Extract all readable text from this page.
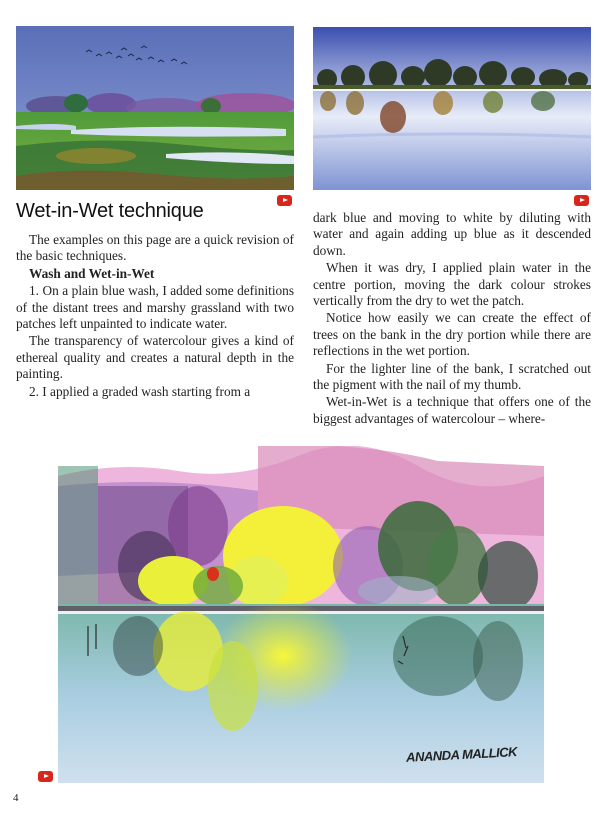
Wet-in-Wet technique

The examples on this page are a quick revision of the basic techniques.

Wash and Wet-in-Wet

1. On a plain blue wash, I added some definitions of the distant trees and marshy grassland with two patches left unpainted to indicate water.

The transparency of watercolour gives a kind of ethereal quality and creates a natural depth in the painting.

2. I applied a graded wash starting from a

dark blue and moving to white by diluting with water and again adding up blue as it descended down.

When it was dry, I applied plain water in the centre portion, moving the dark colour strokes vertically from the dry to wet the patch.

Notice how easily we can create the effect of trees on the bank in the dry portion while there are reflections in the wet portion.

For the lighter line of the bank, I scratched out the pigment with the nail of my thumb.

Wet-in-Wet is a technique that offers one of the biggest advantages of watercolour – where-

ANANDA MALLICK
4
